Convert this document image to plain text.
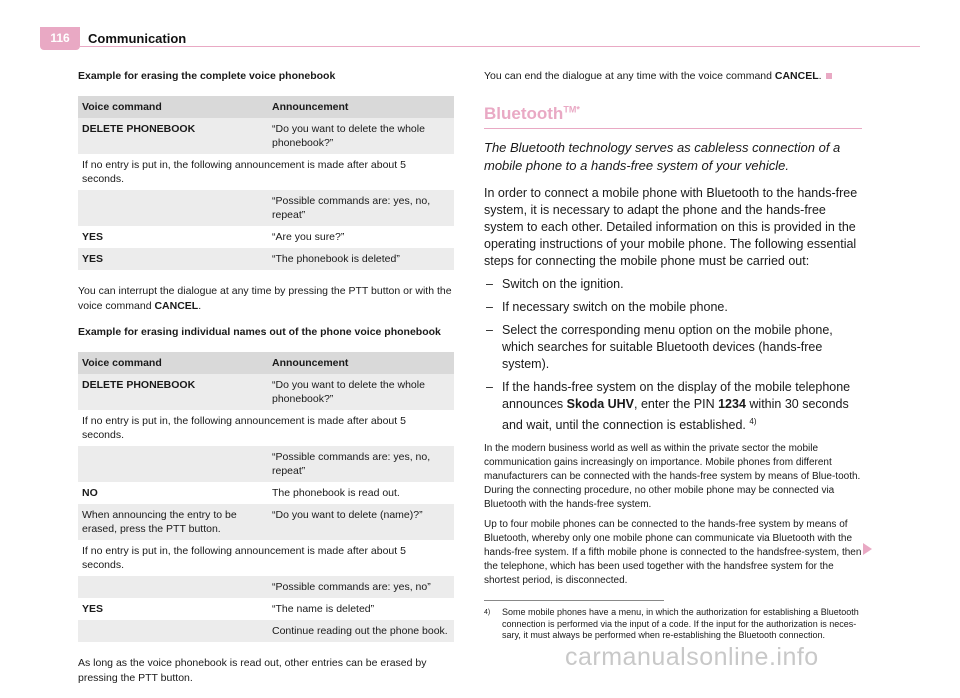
116	Communication

Example for erasing the complete voice phonebook

Voice command	Announcement
DELETE PHONEBOOK	“Do you want to delete the whole phonebook?”
If no entry is put in, the following announcement is made after about 5 seconds.	
	“Possible commands are: yes, no, repeat”
YES	“Are you sure?”
YES	“The phonebook is deleted”

You can interrupt the dialogue at any time by pressing the PTT button or with the voice command CANCEL.

Example for erasing individual names out of the phone voice phonebook

Voice command	Announcement
DELETE PHONEBOOK	“Do you want to delete the whole phonebook?”
If no entry is put in, the following announcement is made after about 5 seconds.	
	“Possible commands are: yes, no, repeat”
NO	The phonebook is read out.
When announcing the entry to be erased, press the PTT button.	“Do you want to delete (name)?”
If no entry is put in, the following announcement is made after about 5 seconds.	
	“Possible commands are: yes, no”
YES	“The name is deleted”
	Continue reading out the phone book.

As long as the voice phonebook is read out, other entries can be erased by pressing the PTT button.

You can end the dialogue at any time with the voice command CANCEL.

Bluetooth$^{TM*}$

The Bluetooth technology serves as cableless connection of a mobile phone to a hands-free system of your vehicle.

In order to connect a mobile phone with Bluetooth to the hands-free system, it is necessary to adapt the phone and the hands-free system to each other. Detailed information on this is provided in the operating instructions of your mobile phone. The following essential steps for connecting the mobile phone must be carried out:

– Switch on the ignition.
– If necessary switch on the mobile phone.
– Select the corresponding menu option on the mobile phone, which searches for suitable Bluetooth devices (hands-free system).
– If the hands-free system on the display of the mobile telephone announces Skoda UHV, enter the PIN 1234 within 30 seconds and wait, until the connection is established. $^{4)}$

In the modern business world as well as within the private sector the mobile communication gains increasingly on importance. Mobile phones from different manufacturers can be connected with the hands-free system by means of Blue-tooth. During the connecting procedure, no other mobile phone may be connected via Bluetooth with the hands-free system.

Up to four mobile phones can be connected to the hands-free system by means of Bluetooth, whereby only one mobile phone can communicate via Bluetooth with the hands-free system. If a fifth mobile phone is connected to the handsfree-system, then the telephone, which has been used together with the handsfree system for the shortest period, is disconnected.

4)	Some mobile phones have a menu, in which the authorization for establishing a Bluetooth connection is performed via the input of a code. If the input for the authorization is neces-sary, it must always be performed when re-establishing the Bluetooth connection.
carmanualsonline.info
